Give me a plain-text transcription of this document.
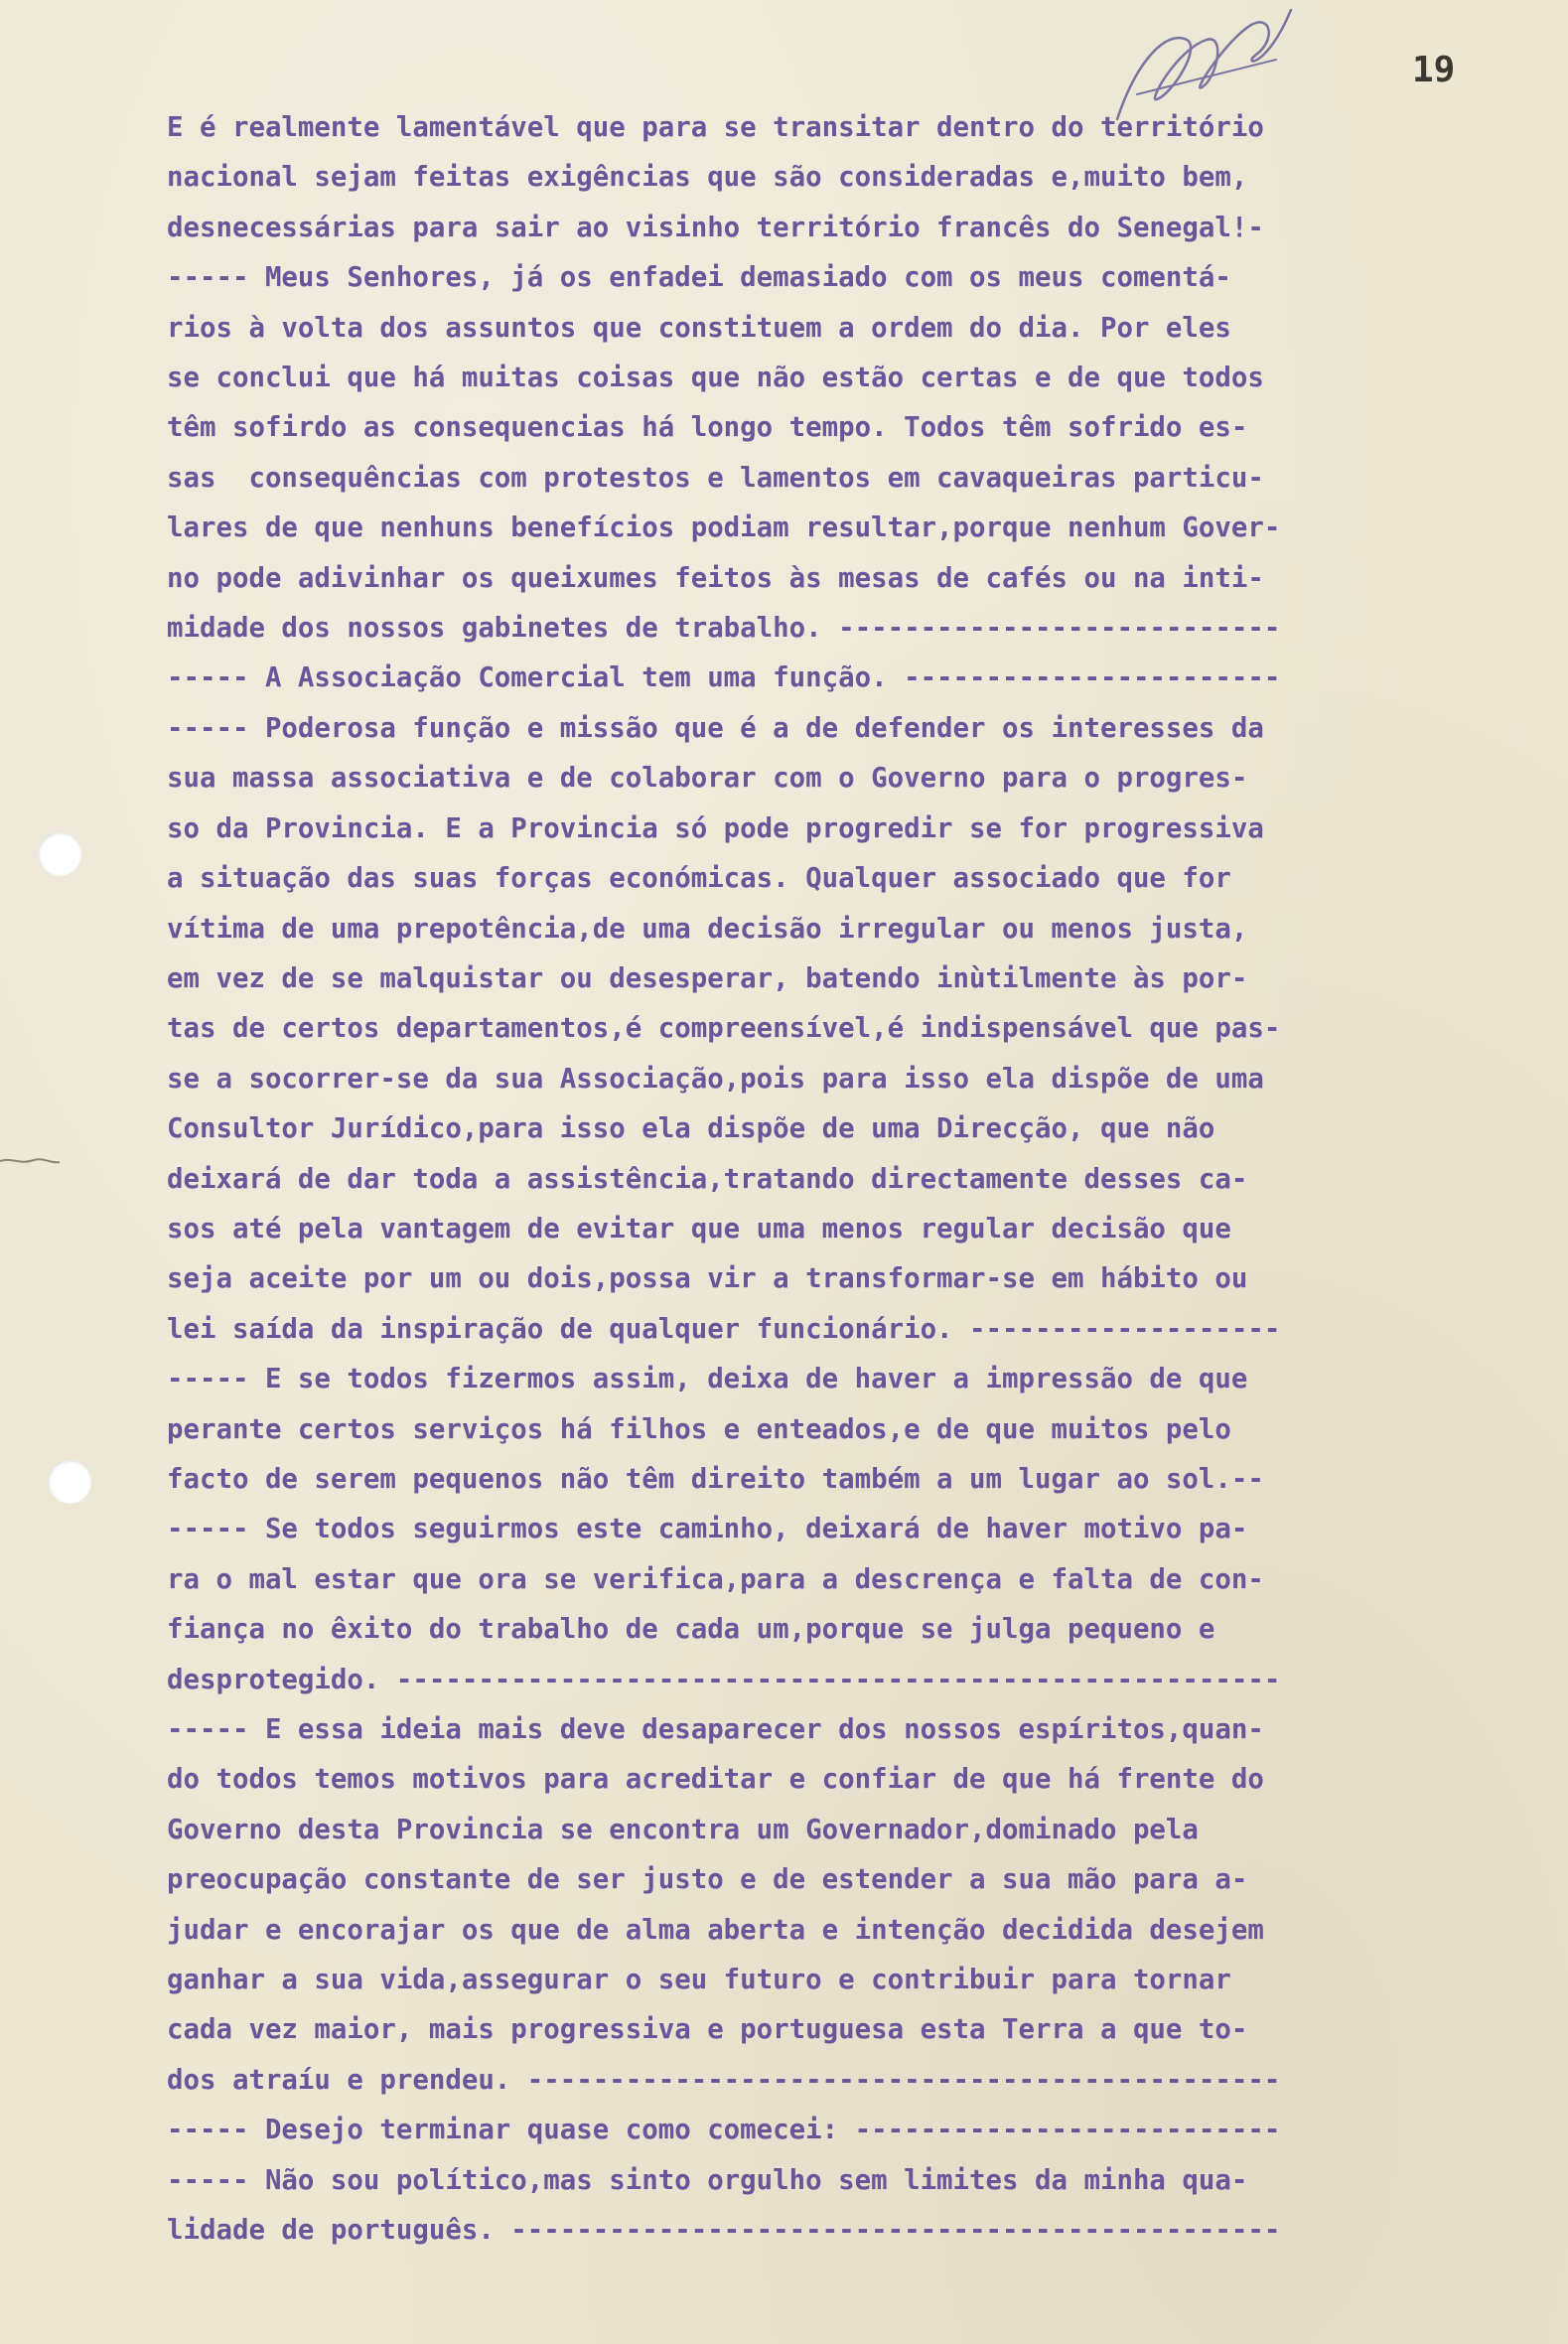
19

E é realmente lamentável que para se transitar dentro do território
nacional sejam feitas exigências que são consideradas e,muito bem,
desnecessárias para sair ao visinho território francês do Senegal!-
----- Meus Senhores, já os enfadei demasiado com os meus comentá-
rios à volta dos assuntos que constituem a ordem do dia. Por eles
se conclui que há muitas coisas que não estão certas e de que todos
têm sofirdo as consequencias há longo tempo. Todos têm sofrido es-
sas  consequências com protestos e lamentos em cavaqueiras particu-
lares de que nenhuns benefícios podiam resultar,porque nenhum Gover-
no pode adivinhar os queixumes feitos às mesas de cafés ou na inti-
midade dos nossos gabinetes de trabalho. ---------------------------
----- A Associação Comercial tem uma função. -----------------------
----- Poderosa função e missão que é a de defender os interesses da
sua massa associativa e de colaborar com o Governo para o progres-
so da Provincia. E a Provincia só pode progredir se for progressiva
a situação das suas forças económicas. Qualquer associado que for
vítima de uma prepotência,de uma decisão irregular ou menos justa,
em vez de se malquistar ou desesperar, batendo inùtilmente às por-
tas de certos departamentos,é compreensível,é indispensável que pas-
se a socorrer-se da sua Associação,pois para isso ela dispõe de uma
Consultor Jurídico,para isso ela dispõe de uma Direcção, que não
deixará de dar toda a assistência,tratando directamente desses ca-
sos até pela vantagem de evitar que uma menos regular decisão que
seja aceite por um ou dois,possa vir a transformar-se em hábito ou
lei saída da inspiração de qualquer funcionário. -------------------
----- E se todos fizermos assim, deixa de haver a impressão de que
perante certos serviços há filhos e enteados,e de que muitos pelo
facto de serem pequenos não têm direito também a um lugar ao sol.--
----- Se todos seguirmos este caminho, deixará de haver motivo pa-
ra o mal estar que ora se verifica,para a descrença e falta de con-
fiança no êxito do trabalho de cada um,porque se julga pequeno e
desprotegido. ------------------------------------------------------
----- E essa ideia mais deve desaparecer dos nossos espíritos,quan-
do todos temos motivos para acreditar e confiar de que há frente do
Governo desta Provincia se encontra um Governador,dominado pela
preocupação constante de ser justo e de estender a sua mão para a-
judar e encorajar os que de alma aberta e intenção decidida desejem
ganhar a sua vida,assegurar o seu futuro e contribuir para tornar
cada vez maior, mais progressiva e portuguesa esta Terra a que to-
dos atraíu e prendeu. ----------------------------------------------
----- Desejo terminar quase como comecei: --------------------------
----- Não sou político,mas sinto orgulho sem limites da minha qua-
lidade de português. -----------------------------------------------
